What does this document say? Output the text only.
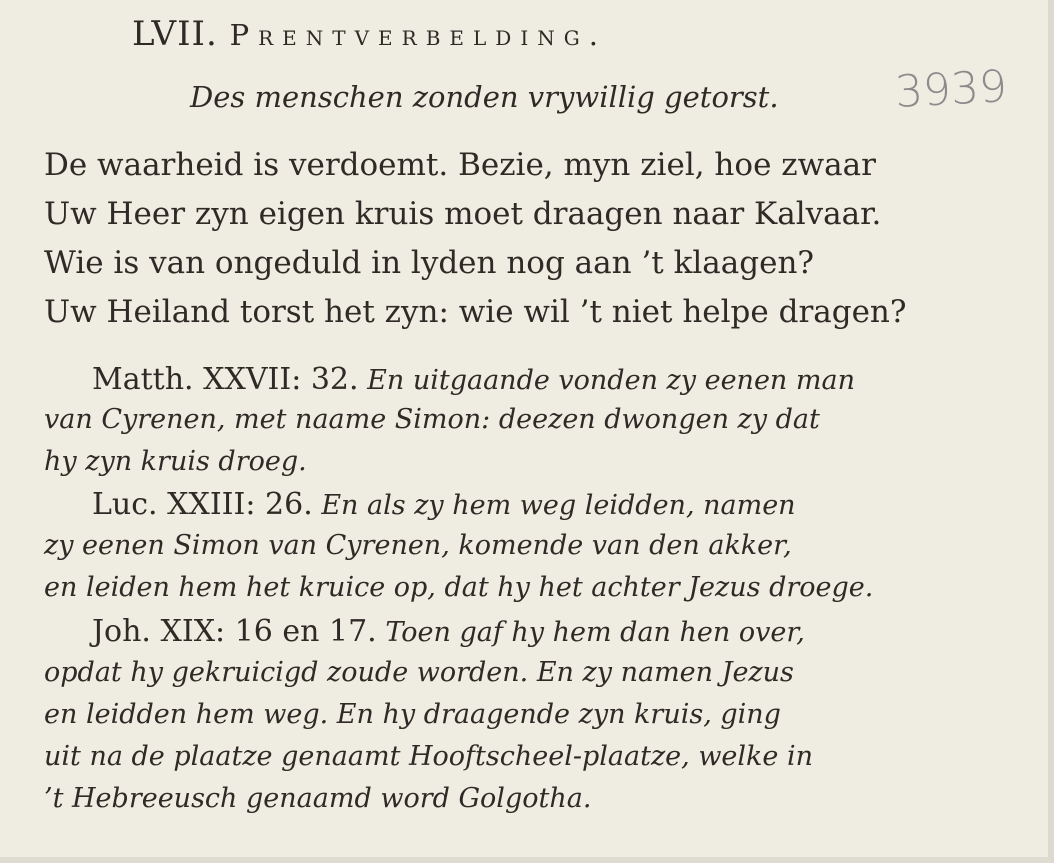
LVII. Prentverbelding.
Des menschen zonden vrywillig getorst.	3939
De waarheid is verdoemt. Bezie, myn ziel, hoe zwaar
Uw Heer zyn eigen kruis moet draagen naar Kalvaar.
Wie is van ongeduld in lyden nog aan ’t klaagen?
Uw Heiland torst het zyn: wie wil ’t niet helpe dragen?
Matth. XXVII: 32. En uitgaande vonden zy eenen man
van Cyrenen, met naame Simon: deezen dwongen zy dat
hy zyn kruis droeg.
Luc. XXIII: 26. En als zy hem weg leidden, namen
zy eenen Simon van Cyrenen, komende van den akker,
en leiden hem het kruice op, dat hy het achter Jezus droege.
Joh. XIX: 16 en 17. Toen gaf hy hem dan hen over,
opdat hy gekruicigd zoude worden. En zy namen Jezus
en leidden hem weg. En hy draagende zyn kruis, ging
uit na de plaatze genaamt Hooftscheel-plaatze, welke in
’t Hebreeusch genaamd word Golgotha.
